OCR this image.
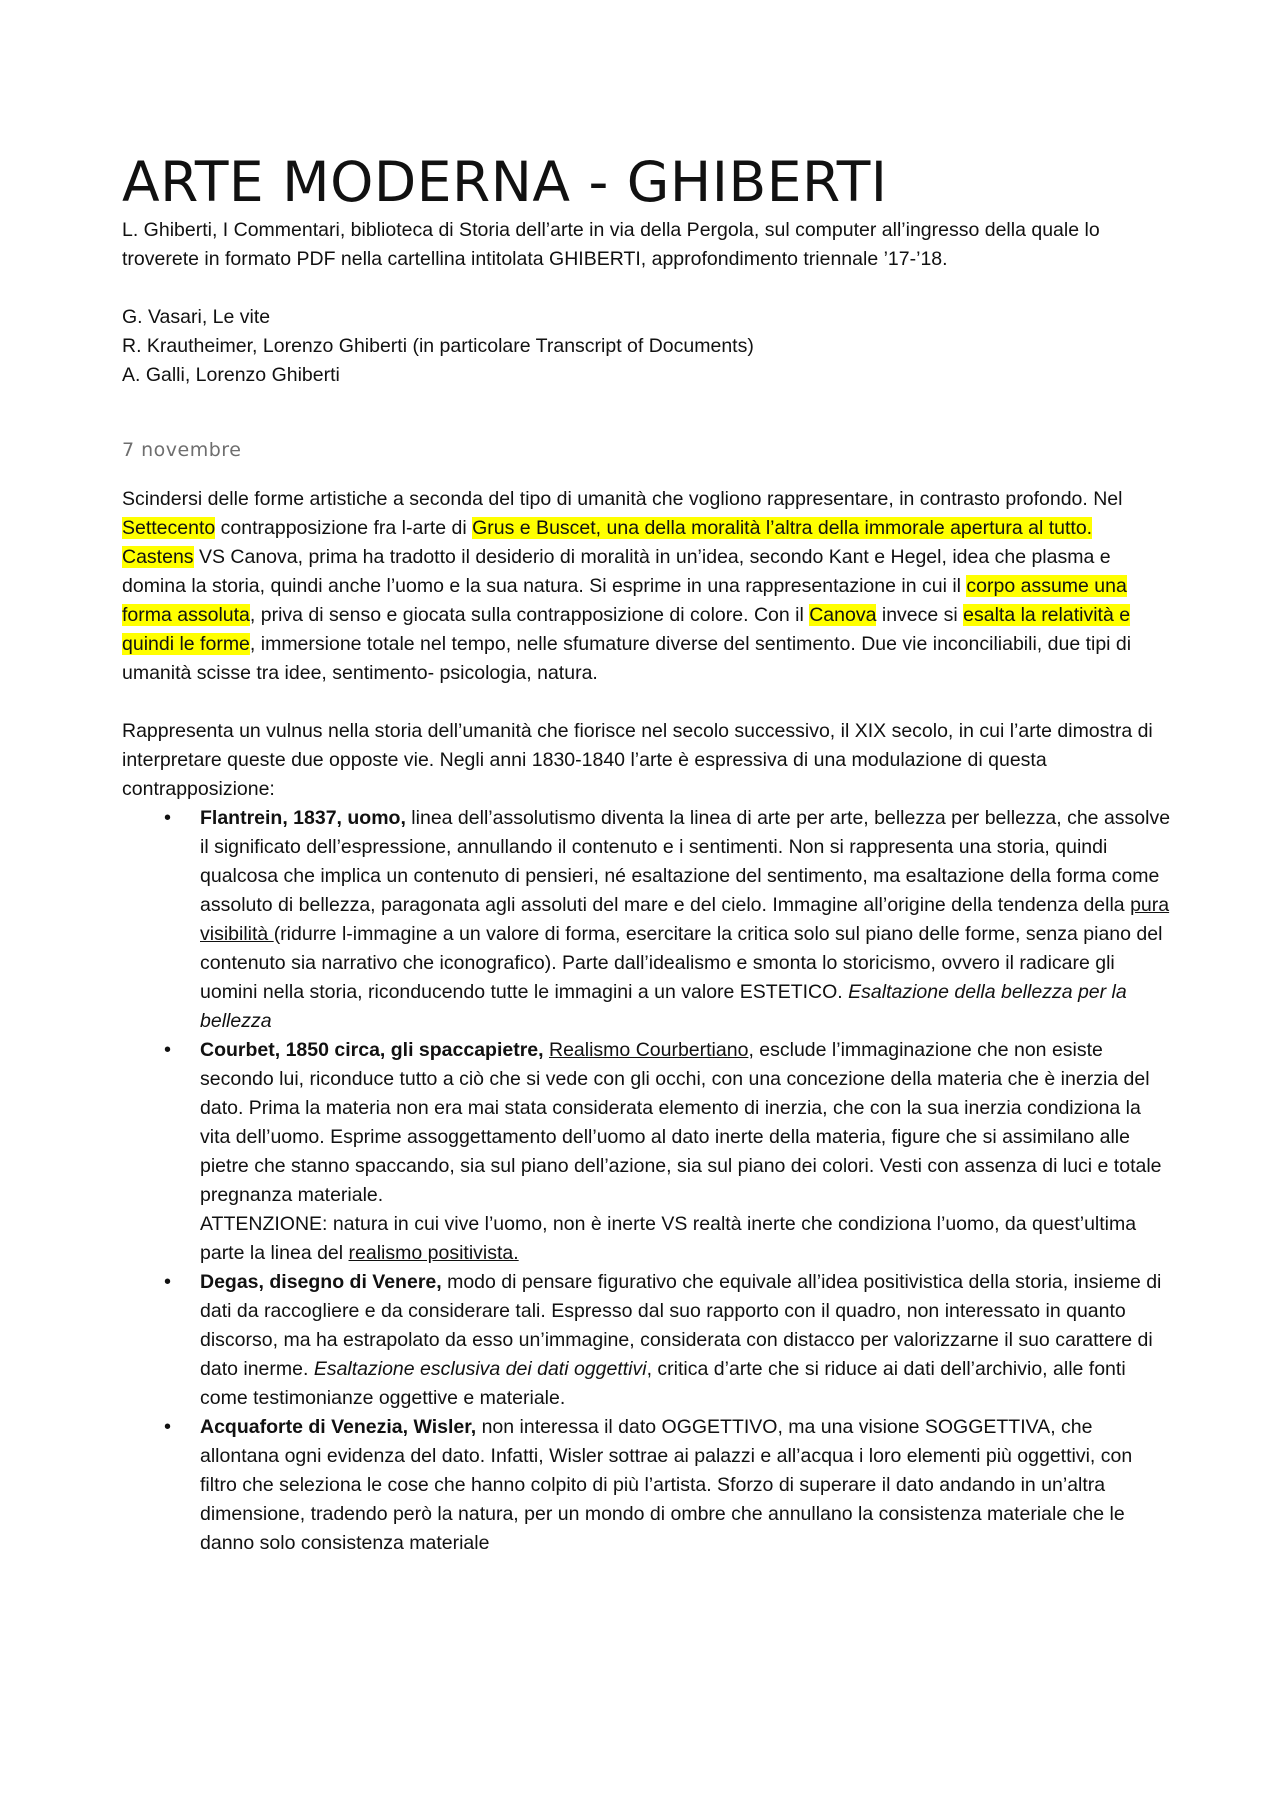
ARTE MODERNA - GHIBERTI

L. Ghiberti, I Commentari, biblioteca di Storia dell’arte in via della Pergola, sul computer all’ingresso della quale lo troverete in formato PDF nella cartellina intitolata GHIBERTI, approfondimento triennale ’17-’18.

G. Vasari, Le vite

R. Krautheimer, Lorenzo Ghiberti (in particolare Transcript of Documents)

A. Galli, Lorenzo Ghiberti

7 novembre

Scindersi delle forme artistiche a seconda del tipo di umanità che vogliono rappresentare, in contrasto profondo. Nel Settecento contrapposizione fra l-arte di Grus e Buscet, una della moralità l’altra della immorale apertura al tutto.
Castens VS Canova, prima ha tradotto il desiderio di moralità in un’idea, secondo Kant e Hegel, idea che plasma e domina la storia, quindi anche l’uomo e la sua natura. Si esprime in una rappresentazione in cui il corpo assume una forma assoluta, priva di senso e giocata sulla contrapposizione di colore. Con il Canova invece si esalta la relatività e quindi le forme, immersione totale nel tempo, nelle sfumature diverse del sentimento. Due vie inconciliabili, due tipi di umanità scisse tra idee, sentimento- psicologia, natura.

Rappresenta un vulnus nella storia dell’umanità che fiorisce nel secolo successivo, il XIX secolo, in cui l’arte dimostra di interpretare queste due opposte vie. Negli anni 1830-1840 l’arte è espressiva di una modulazione di questa contrapposizione:

• Flantrein, 1837, uomo, linea dell’assolutismo diventa la linea di arte per arte, bellezza per bellezza, che assolve il significato dell’espressione, annullando il contenuto e i sentimenti. Non si rappresenta una storia, quindi qualcosa che implica un contenuto di pensieri, né esaltazione del sentimento, ma esaltazione della forma come assoluto di bellezza, paragonata agli assoluti del mare e del cielo. Immagine all’origine della tendenza della pura visibilità (ridurre l-immagine a un valore di forma, esercitare la critica solo sul piano delle forme, senza piano del contenuto sia narrativo che iconografico). Parte dall’idealismo e smonta lo storicismo, ovvero il radicare gli uomini nella storia, riconducendo tutte le immagini a un valore ESTETICO. Esaltazione della bellezza per la bellezza
• Courbet, 1850 circa, gli spaccapietre, Realismo Courbertiano, esclude l’immaginazione che non esiste secondo lui, riconduce tutto a ciò che si vede con gli occhi, con una concezione della materia che è inerzia del dato. Prima la materia non era mai stata considerata elemento di inerzia, che con la sua inerzia condiziona la vita dell’uomo. Esprime assoggettamento dell’uomo al dato inerte della materia, figure che si assimilano alle pietre che stanno spaccando, sia sul piano dell’azione, sia sul piano dei colori. Vesti con assenza di luci e totale pregnanza materiale.
ATTENZIONE: natura in cui vive l’uomo, non è inerte VS realtà inerte che condiziona l’uomo, da quest’ultima parte la linea del realismo positivista.
• Degas, disegno di Venere, modo di pensare figurativo che equivale all’idea positivistica della storia, insieme di dati da raccogliere e da considerare tali. Espresso dal suo rapporto con il quadro, non interessato in quanto discorso, ma ha estrapolato da esso un’immagine, considerata con distacco per valorizzarne il suo carattere di dato inerme. Esaltazione esclusiva dei dati oggettivi, critica d’arte che si riduce ai dati dell’archivio, alle fonti come testimonianze oggettive e materiale.
• Acquaforte di Venezia, Wisler, non interessa il dato OGGETTIVO, ma una visione SOGGETTIVA, che allontana ogni evidenza del dato. Infatti, Wisler sottrae ai palazzi e all’acqua i loro elementi più oggettivi, con filtro che seleziona le cose che hanno colpito di più l’artista. Sforzo di superare il dato andando in un’altra dimensione, tradendo però la natura, per un mondo di ombre che annullano la consistenza materiale che le danno solo consistenza materiale
